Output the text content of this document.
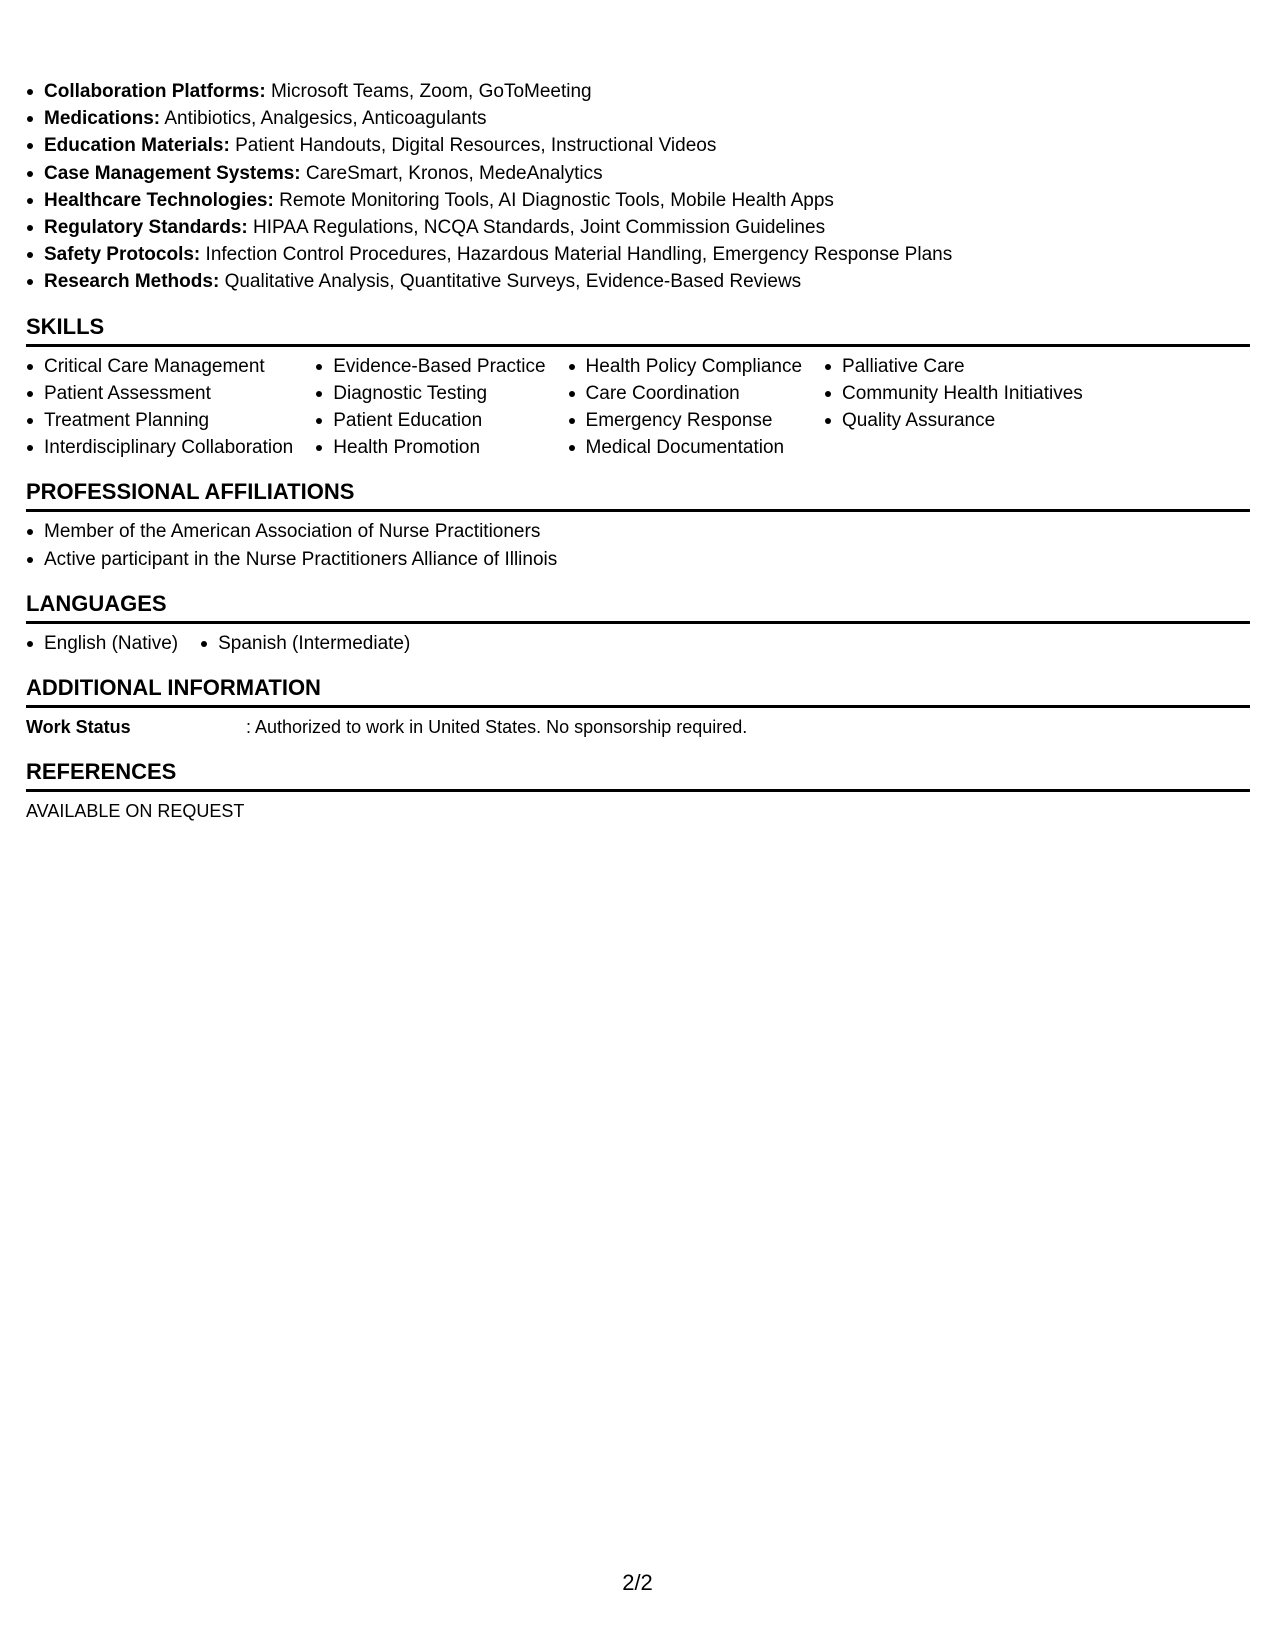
Collaboration Platforms: Microsoft Teams, Zoom, GoToMeeting
Medications: Antibiotics, Analgesics, Anticoagulants
Education Materials: Patient Handouts, Digital Resources, Instructional Videos
Case Management Systems: CareSmart, Kronos, MedeAnalytics
Healthcare Technologies: Remote Monitoring Tools, AI Diagnostic Tools, Mobile Health Apps
Regulatory Standards: HIPAA Regulations, NCQA Standards, Joint Commission Guidelines
Safety Protocols: Infection Control Procedures, Hazardous Material Handling, Emergency Response Plans
Research Methods: Qualitative Analysis, Quantitative Surveys, Evidence-Based Reviews
SKILLS
Critical Care Management
Patient Assessment
Treatment Planning
Interdisciplinary Collaboration
Evidence-Based Practice
Diagnostic Testing
Patient Education
Health Promotion
Health Policy Compliance
Care Coordination
Emergency Response
Medical Documentation
Palliative Care
Community Health Initiatives
Quality Assurance
PROFESSIONAL AFFILIATIONS
Member of the American Association of Nurse Practitioners
Active participant in the Nurse Practitioners Alliance of Illinois
LANGUAGES
English (Native)	Spanish (Intermediate)
ADDITIONAL INFORMATION
Work Status	: Authorized to work in United States. No sponsorship required.
REFERENCES
AVAILABLE ON REQUEST
2/2
